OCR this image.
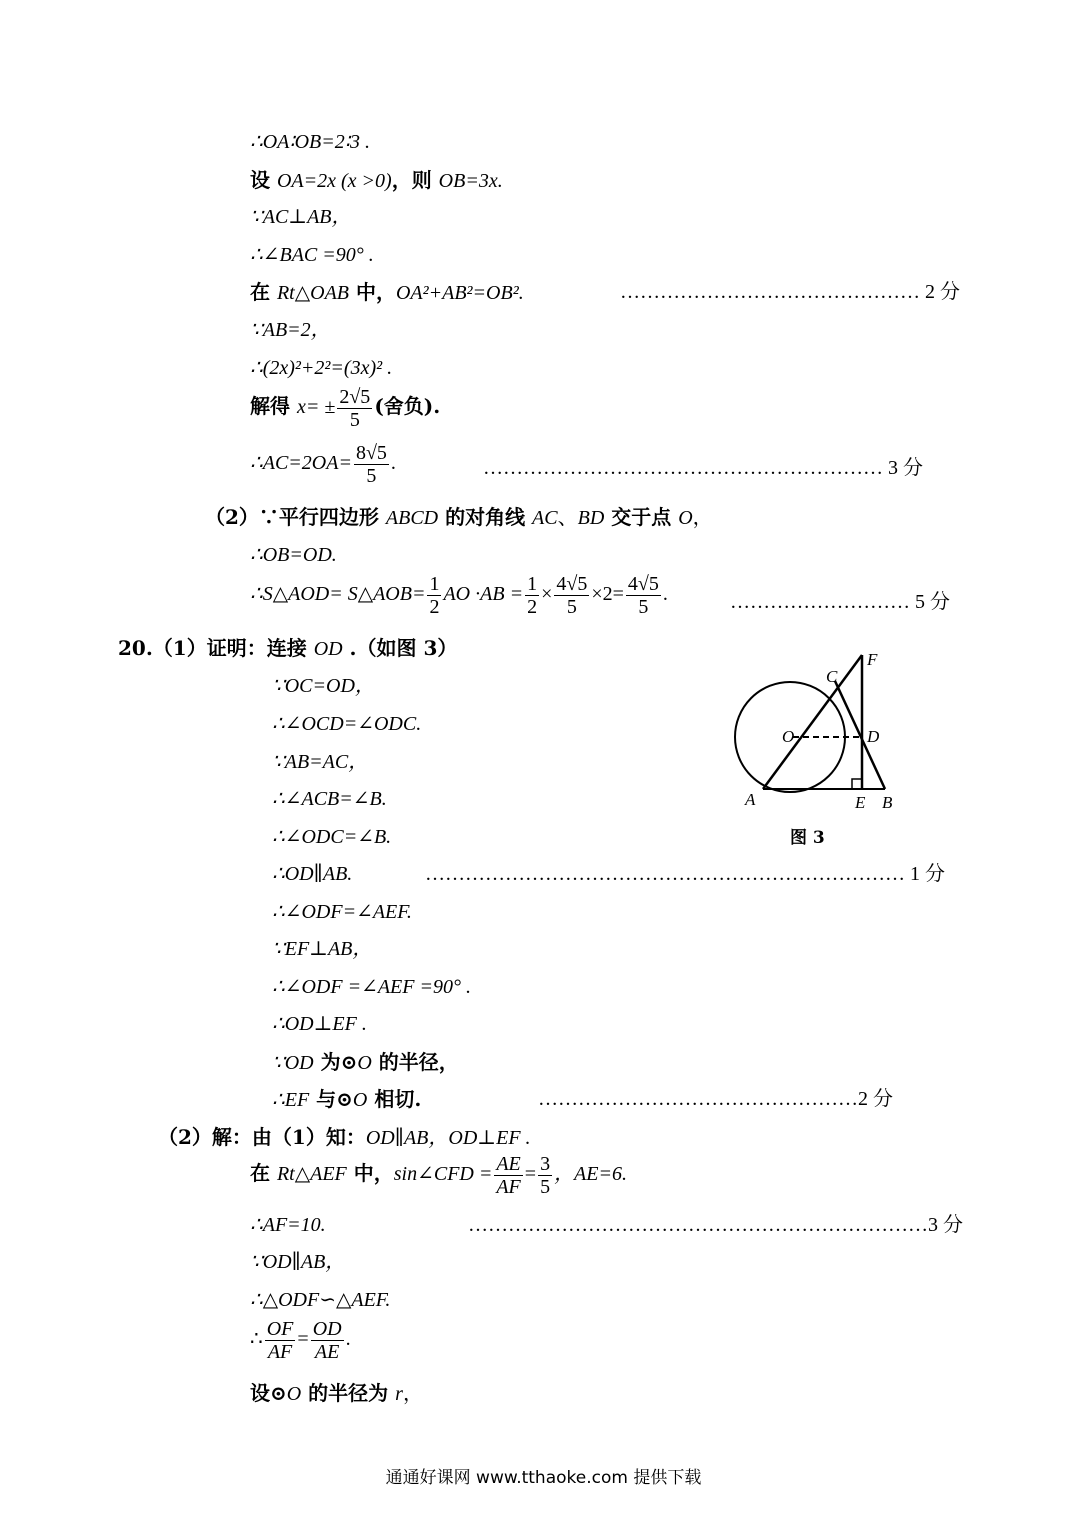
∴OA∶OB=2∶3 .
设 OA=2x (x >0)，则 OB=3x.
∵AC⊥AB，
∴∠BAC =90° .
在 Rt△OAB 中，OA²+AB²=OB².	……………………………………… 2 分
∵AB=2，
∴(2x)²+2²=(3x)² .
解得 $x= \pm \frac{2√5}{5}$ (舍负).
∴AC=2OA= $\frac{8√5}{5}$ .	…………………………………………………… 3 分
（2）∵平行四边形 ABCD 的对角线 AC、BD 交于点 O，
∴OB=OD.
∴S△AOD= S△AOB= $\frac{1}{2}$ AO $\cdot AB = \frac{1}{2} \times \frac{4√5}{5} \times 2= \frac{4√5}{5}$ .	……………………… 5 分
20.（1）证明：连接 OD .（如图 3）
∵OC=OD，
∴∠OCD=∠ODC.
∵AB=AC，
∴∠ACB=∠B.
∴∠ODC=∠B.
∴OD∥AB.	……………………………………………………………… 1 分
∴∠ODF=∠AEF.
∵EF⊥AB，
∴∠ODF =∠AEF =90° .
∴OD⊥EF .
∵OD 为⊙O 的半径，
∴EF 与⊙O 相切.	…………………………………………2 分
（2）解：由（1）知：OD∥AB，OD⊥EF .
在 Rt△AEF 中，sin∠CFD = $\frac{AE}{AF} = \frac{3}{5}$ ，AE=6.
∴AF=10.	……………………………………………………………3 分
∵OD∥AB，
∴△ODF∽△AEF.
∴ $\frac{OF}{AF} = \frac{OD}{AE}$ .
设⊙O 的半径为 r，
F
C
O	D
A	E B
图 3
通通好课网 www.tthaoke.com 提供下载
